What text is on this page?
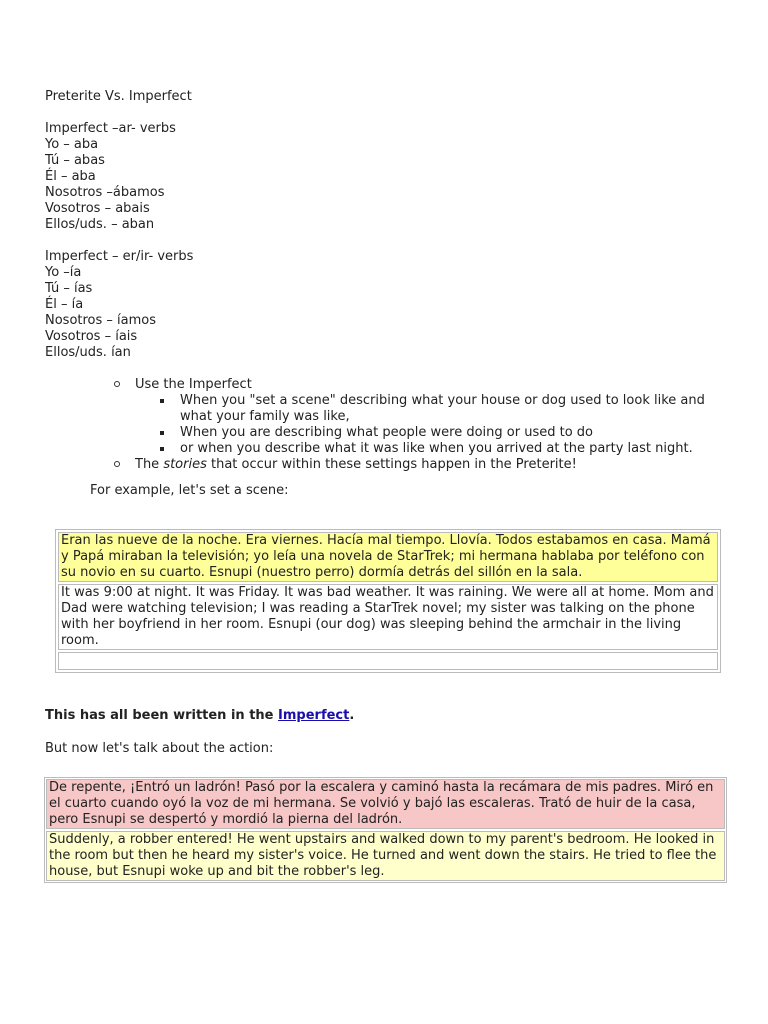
Preterite Vs. Imperfect
Imperfect –ar- verbs
Yo – aba
Tú – abas
Él – aba
Nosotros –ábamos
Vosotros – abais
Ellos/uds. – aban
Imperfect – er/ir- verbs
Yo –ía
Tú – ías
Él – ía
Nosotros – íamos
Vosotros – íais
Ellos/uds. ían
Use the Imperfect
When you "set a scene" describing what your house or dog used to look like and what your family was like,
When you are describing what people were doing or used to do
or when you describe what it was like when you arrived at the party last night.
The stories that occur within these settings happen in the Preterite!
For example, let's set a scene:
Eran las nueve de la noche. Era viernes. Hacía mal tiempo. Llovía. Todos estabamos en casa. Mamá y Papá miraban la televisión; yo leía una novela de StarTrek; mi hermana hablaba por teléfono con su novio en su cuarto. Esnupi (nuestro perro) dormía detrás del sillón en la sala.
It was 9:00 at night. It was Friday. It was bad weather. It was raining. We were all at home. Mom and Dad were watching television; I was reading a StarTrek novel; my sister was talking on the phone with her boyfriend in her room. Esnupi (our dog) was sleeping behind the armchair in the living room.
This has all been written in the Imperfect.
But now let's talk about the action:
De repente, ¡Entró un ladrón! Pasó por la escalera y caminó hasta la recámara de mis padres. Miró en el cuarto cuando oyó la voz de mi hermana. Se volvió y bajó las escaleras. Trató de huir de la casa, pero Esnupi se despertó y mordió la pierna del ladrón.
Suddenly, a robber entered! He went upstairs and walked down to my parent's bedroom. He looked in the room but then he heard my sister's voice. He turned and went down the stairs. He tried to flee the house, but Esnupi woke up and bit the robber's leg.
